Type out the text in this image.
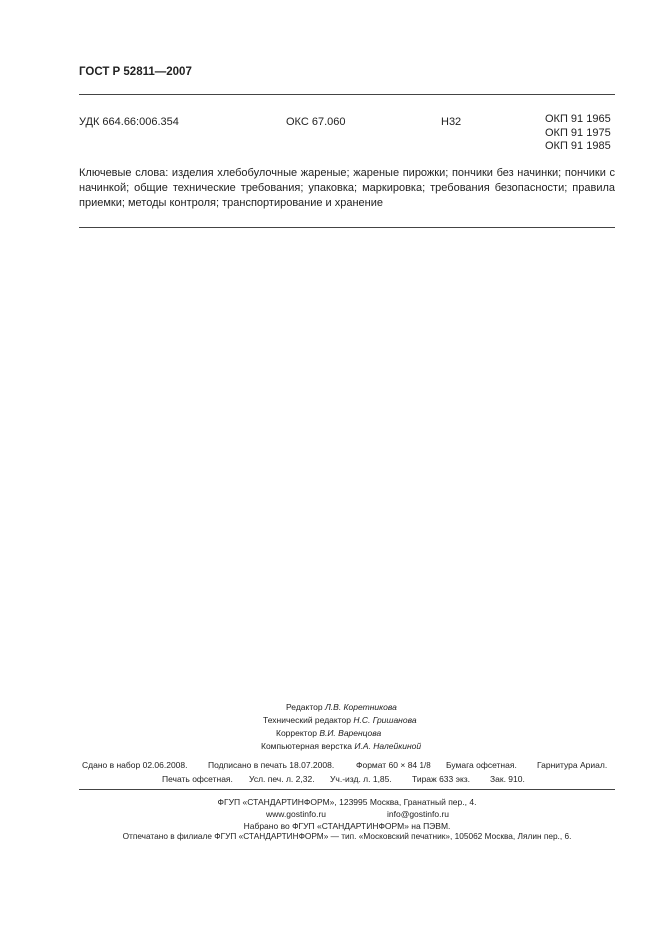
ГОСТ Р 52811—2007
УДК 664.66:006.354	ОКС 67.060	Н32	ОКП 91 1965
ОКП 91 1975
ОКП 91 1985
Ключевые слова: изделия хлебобулочные жареные; жареные пирожки; пончики без начинки; пончики с начинкой; общие технические требования; упаковка; маркировка; требования безопасности; правила приемки; методы контроля; транспортирование и хранение
Редактор Л.В. Коретникова
Технический редактор Н.С. Гришанова
Корректор В.И. Варенцова
Компьютерная верстка И.А. Налейкиной
Сдано в набор 02.06.2008. Подписано в печать 18.07.2008.	Формат 60 × 84 1/8 Бумага офсетная. Гарнитура Ариал.
Печать офсетная. Усл. печ. л. 2,32. Уч.-изд. л. 1,85. Тираж 633 экз. Зак. 910.
ФГУП «СТАНДАРТИНФОРМ», 123995 Москва, Гранатный пер., 4.
www.gostinfo.ru	info@gostinfo.ru
Набрано во ФГУП «СТАНДАРТИНФОРМ» на ПЭВМ.
Отпечатано в филиале ФГУП «СТАНДАРТИНФОРМ» — тип. «Московский печатник», 105062 Москва, Лялин пер., 6.
